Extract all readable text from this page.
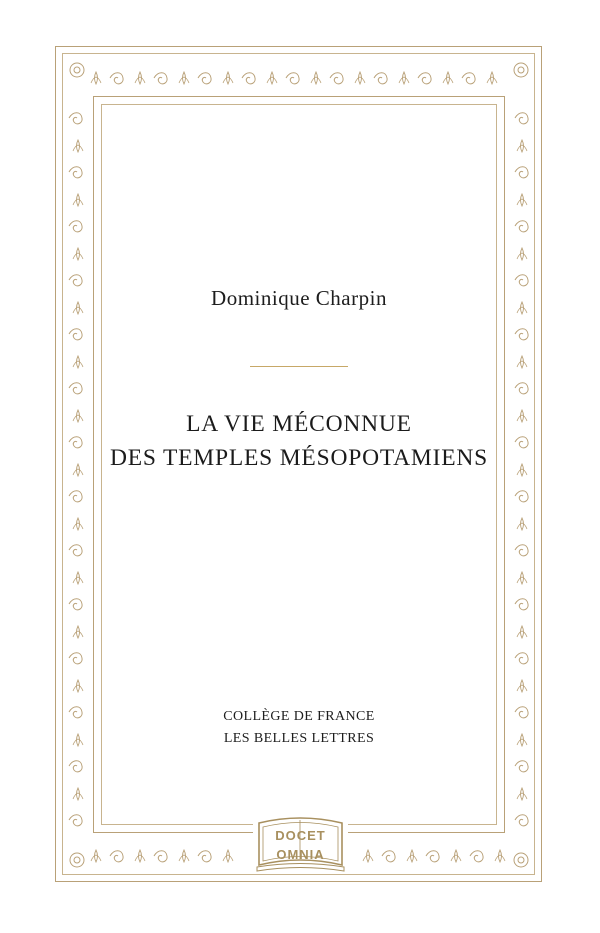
Dominique Charpin
LA VIE MÉCONNUE
DES TEMPLES MÉSOPOTAMIENS
COLLÈGE DE FRANCE
LES BELLES LETTRES
DOCET
OMNIA
